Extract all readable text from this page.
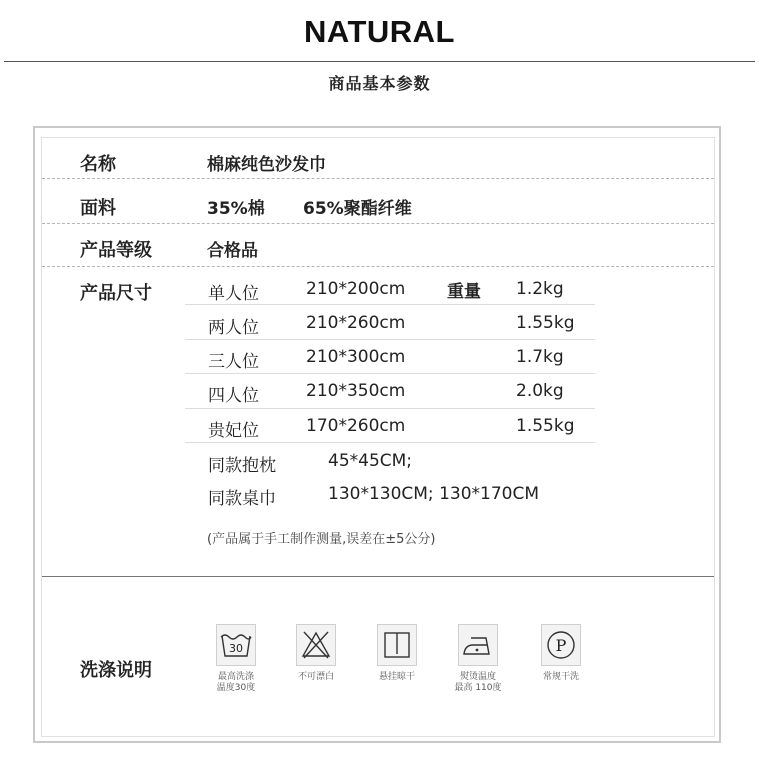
NATURAL
商品基本参数
名称	棉麻纯色沙发巾
面料	35%棉 65%聚酯纤维
产品等级	合格品
产品尺寸	重量
单人位	210*200cm	1.2kg
两人位	210*260cm	1.55kg
三人位	210*300cm	1.7kg
四人位	210*350cm	2.0kg
贵妃位	170*260cm	1.55kg
同款抱枕	45*45CM;
同款桌巾	130*130CM; 130*170CM
(产品属于手工制作测量,误差在±5公分)
洗涤说明
30
最高洗涤
温度30度
不可漂白	悬挂晾干	熨烫温度
最高 110度
P
常规干洗
